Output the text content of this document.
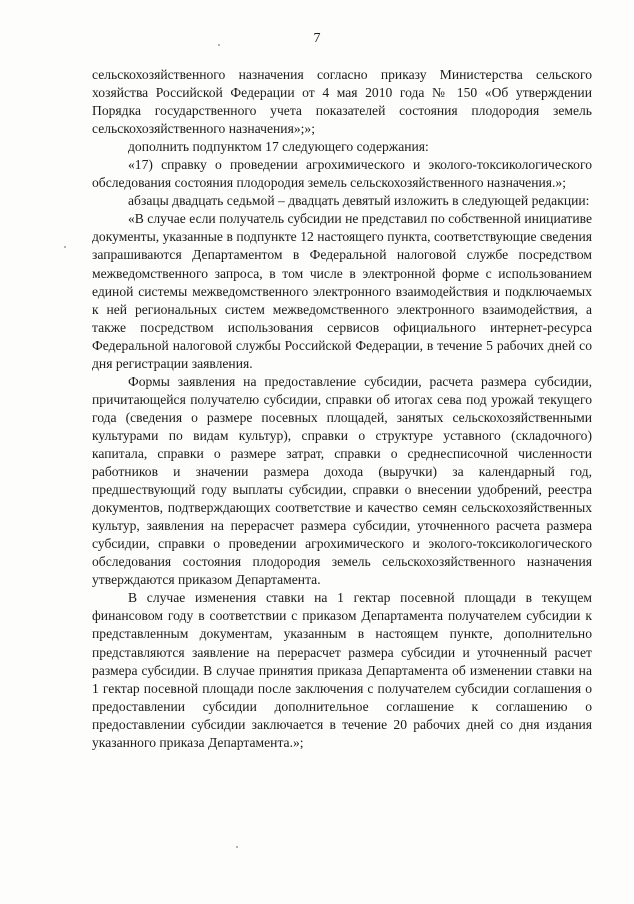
7

сельскохозяйственного назначения согласно приказу Министерства сельского хозяйства Российской Федерации от 4 мая 2010 года № 150 «Об утверждении Порядка государственного учета показателей состояния плодородия земель сельскохозяйственного назначения»;»;

дополнить подпунктом 17 следующего содержания:

«17) справку о проведении агрохимического и эколого-токсикологического обследования состояния плодородия земель сельскохозяйственного назначения.»;

абзацы двадцать седьмой – двадцать девятый изложить в следующей редакции:

«В случае если получатель субсидии не представил по собственной инициативе документы, указанные в подпункте 12 настоящего пункта, соответствующие сведения запрашиваются Департаментом в Федеральной налоговой службе посредством межведомственного запроса, в том числе в электронной форме с использованием единой системы межведомственного электронного взаимодействия и подключаемых к ней региональных систем межведомственного электронного взаимодействия, а также посредством использования сервисов официального интернет-ресурса Федеральной налоговой службы Российской Федерации, в течение 5 рабочих дней со дня регистрации заявления.

Формы заявления на предоставление субсидии, расчета размера субсидии, причитающейся получателю субсидии, справки об итогах сева под урожай текущего года (сведения о размере посевных площадей, занятых сельскохозяйственными культурами по видам культур), справки о структуре уставного (складочного) капитала, справки о размере затрат, справки о среднесписочной численности работников и значении размера дохода (выручки) за календарный год, предшествующий году выплаты субсидии, справки о внесении удобрений, реестра документов, подтверждающих соответствие и качество семян сельскохозяйственных культур, заявления на перерасчет размера субсидии, уточненного расчета размера субсидии, справки о проведении агрохимического и эколого-токсикологического обследования состояния плодородия земель сельскохозяйственного назначения утверждаются приказом Департамента.

В случае изменения ставки на 1 гектар посевной площади в текущем финансовом году в соответствии с приказом Департамента получателем субсидии к представленным документам, указанным в настоящем пункте, дополнительно представляются заявление на перерасчет размера субсидии и уточненный расчет размера субсидии. В случае принятия приказа Департамента об изменении ставки на 1 гектар посевной площади после заключения с получателем субсидии соглашения о предоставлении субсидии дополнительное соглашение к соглашению о предоставлении субсидии заключается в течение 20 рабочих дней со дня издания указанного приказа Департамента.»;
